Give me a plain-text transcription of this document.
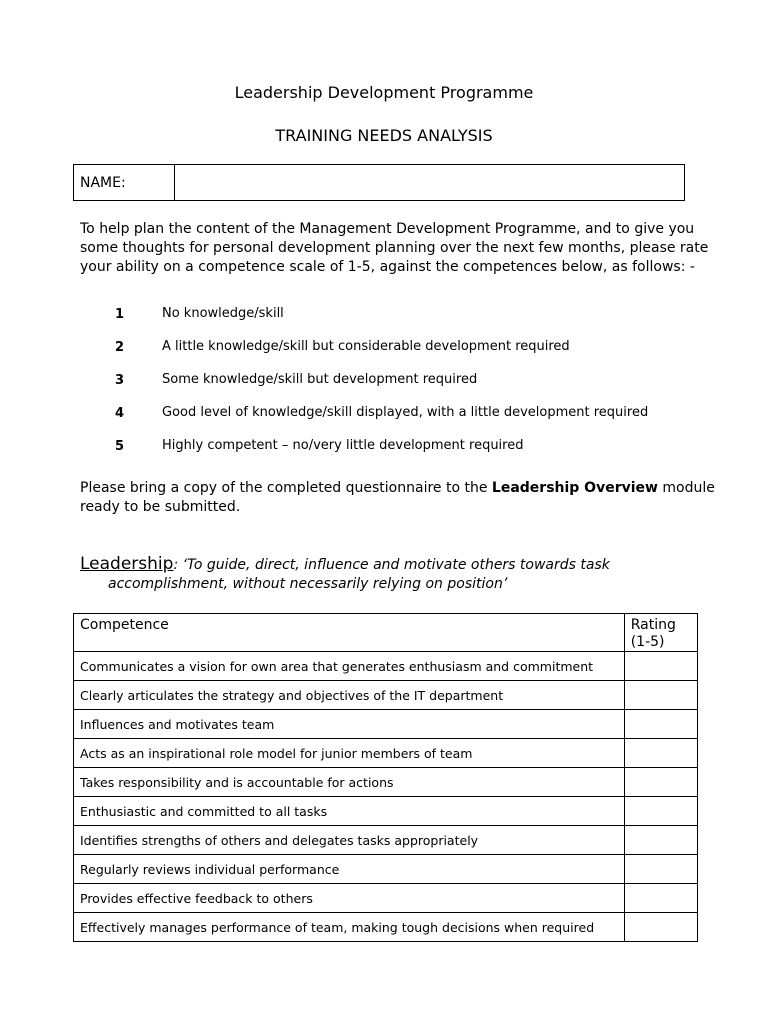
Leadership Development Programme
TRAINING NEEDS ANALYSIS
NAME:
To help plan the content of the Management Development Programme, and to give you some thoughts for personal development planning over the next few months, please rate your ability on a competence scale of 1-5, against the competences below, as follows: -
1	No knowledge/skill
2	A little knowledge/skill but considerable development required
3	Some knowledge/skill but development required
4	Good level of knowledge/skill displayed, with a little development required
5	Highly competent – no/very little development required
Please bring a copy of the completed questionnaire to the Leadership Overview module ready to be submitted.
Leadership: ‘To guide, direct, influence and motivate others towards task
accomplishment, without necessarily relying on position’
Competence	Rating
(1-5)
Communicates a vision for own area that generates enthusiasm and commitment	
Clearly articulates the strategy and objectives of the IT department	
Influences and motivates team	
Acts as an inspirational role model for junior members of team	
Takes responsibility and is accountable for actions	
Enthusiastic and committed to all tasks	
Identifies strengths of others and delegates tasks appropriately	
Regularly reviews individual performance	
Provides effective feedback to others	
Effectively manages performance of team, making tough decisions when required	
